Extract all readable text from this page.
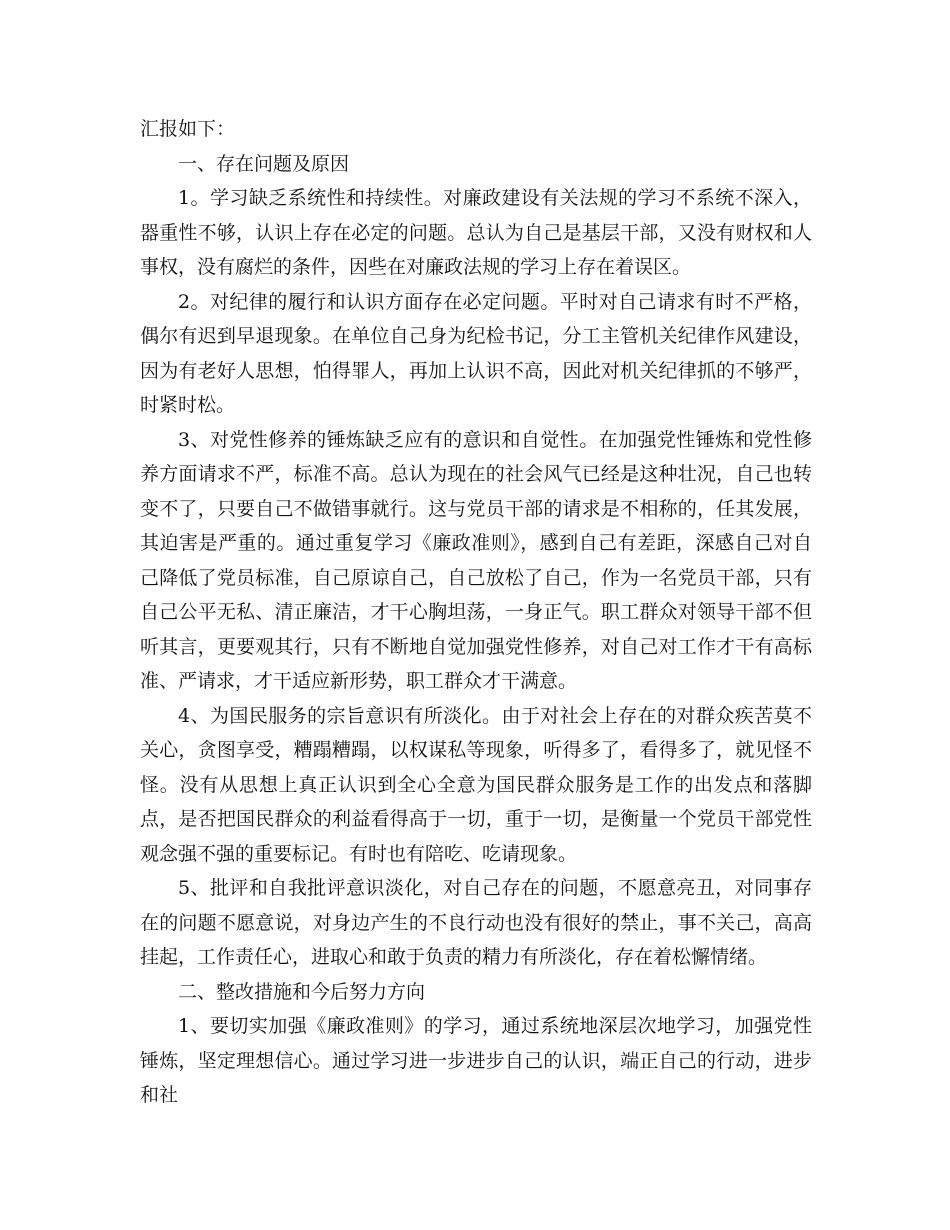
汇报如下：

一、存在问题及原因

1。学习缺乏系统性和持续性。对廉政建设有关法规的学习不系统不深入，器重性不够，认识上存在必定的问题。总认为自己是基层干部，又没有财权和人事权，没有腐烂的条件，因些在对廉政法规的学习上存在着误区。

2。对纪律的履行和认识方面存在必定问题。平时对自己请求有时不严格，偶尔有迟到早退现象。在单位自己身为纪检书记，分工主管机关纪律作风建设，因为有老好人思想，怕得罪人，再加上认识不高，因此对机关纪律抓的不够严，时紧时松。

3、对党性修养的锤炼缺乏应有的意识和自觉性。在加强党性锤炼和党性修养方面请求不严，标准不高。总认为现在的社会风气已经是这种壮况，自己也转变不了，只要自己不做错事就行。这与党员干部的请求是不相称的，任其发展，其迫害是严重的。通过重复学习《廉政准则》，感到自己有差距，深感自己对自己降低了党员标准，自己原谅自己，自己放松了自己，作为一名党员干部，只有自己公平无私、清正廉洁，才干心胸坦荡，一身正气。职工群众对领导干部不但听其言，更要观其行，只有不断地自觉加强党性修养，对自己对工作才干有高标准、严请求，才干适应新形势，职工群众才干满意。

4、为国民服务的宗旨意识有所淡化。由于对社会上存在的对群众疾苦莫不关心，贪图享受，糟蹋糟蹋，以权谋私等现象，听得多了，看得多了，就见怪不怪。没有从思想上真正认识到全心全意为国民群众服务是工作的出发点和落脚点，是否把国民群众的利益看得高于一切，重于一切，是衡量一个党员干部党性观念强不强的重要标记。有时也有陪吃、吃请现象。

5、批评和自我批评意识淡化，对自己存在的问题，不愿意亮丑，对同事存在的问题不愿意说，对身边产生的不良行动也没有很好的禁止，事不关己，高高挂起，工作责任心，进取心和敢于负责的精力有所淡化，存在着松懈情绪。

二、整改措施和今后努力方向

1、要切实加强《廉政准则》的学习，通过系统地深层次地学习，加强党性锤炼，坚定理想信心。通过学习进一步进步自己的认识，端正自己的行动，进步和社
